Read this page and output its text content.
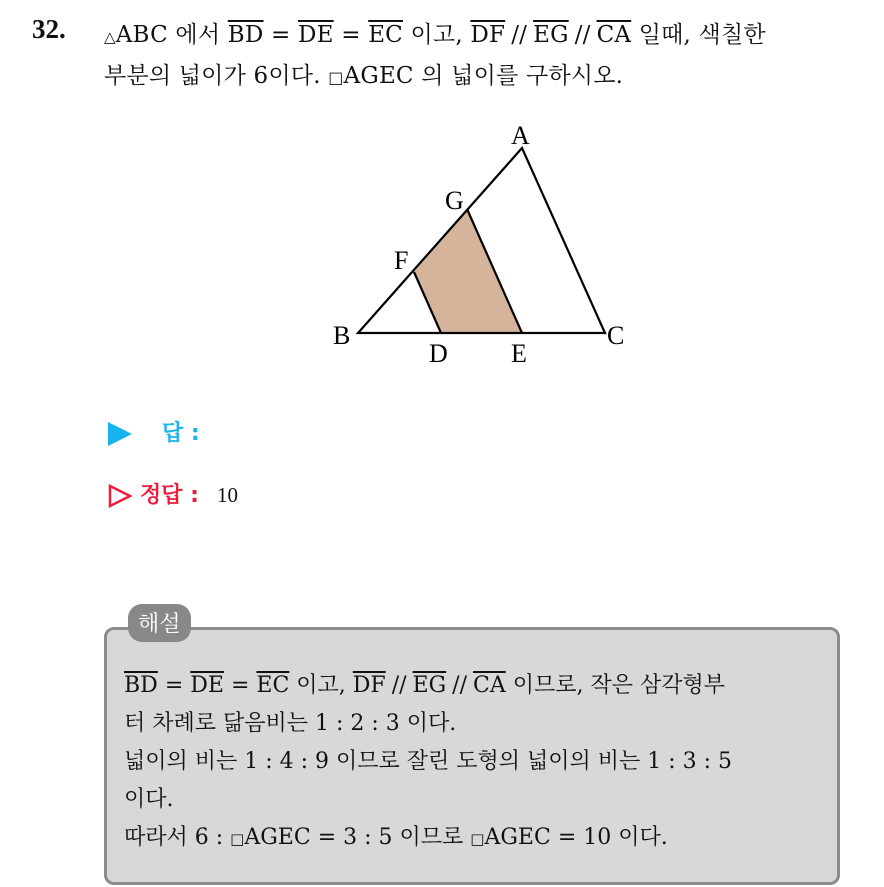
32.	△ABC 에서 $\overline{BD} = \overline{DE} = \overline{EC}$ 이고, $\overline{DF} // \overline{EG} // \overline{CA}$ 일때, 색칠한
부분의 넓이가 6이다. □AGEC 의 넓이를 구하시오.
A
B	C
D E
F
G
답 :
정답 : 10
해설
$\overline{BD} = \overline{DE} = \overline{EC}$ 이고, $\overline{DF} // \overline{EG} // \overline{CA}$ 이므로, 작은 삼각형부
터 차례로 닮음비는 1 : 2 : 3 이다.
넓이의 비는 1 : 4 : 9 이므로 잘린 도형의 넓이의 비는 1 : 3 : 5
이다.
따라서 6 : □AGEC = 3 : 5 이므로 □AGEC = 10 이다.
